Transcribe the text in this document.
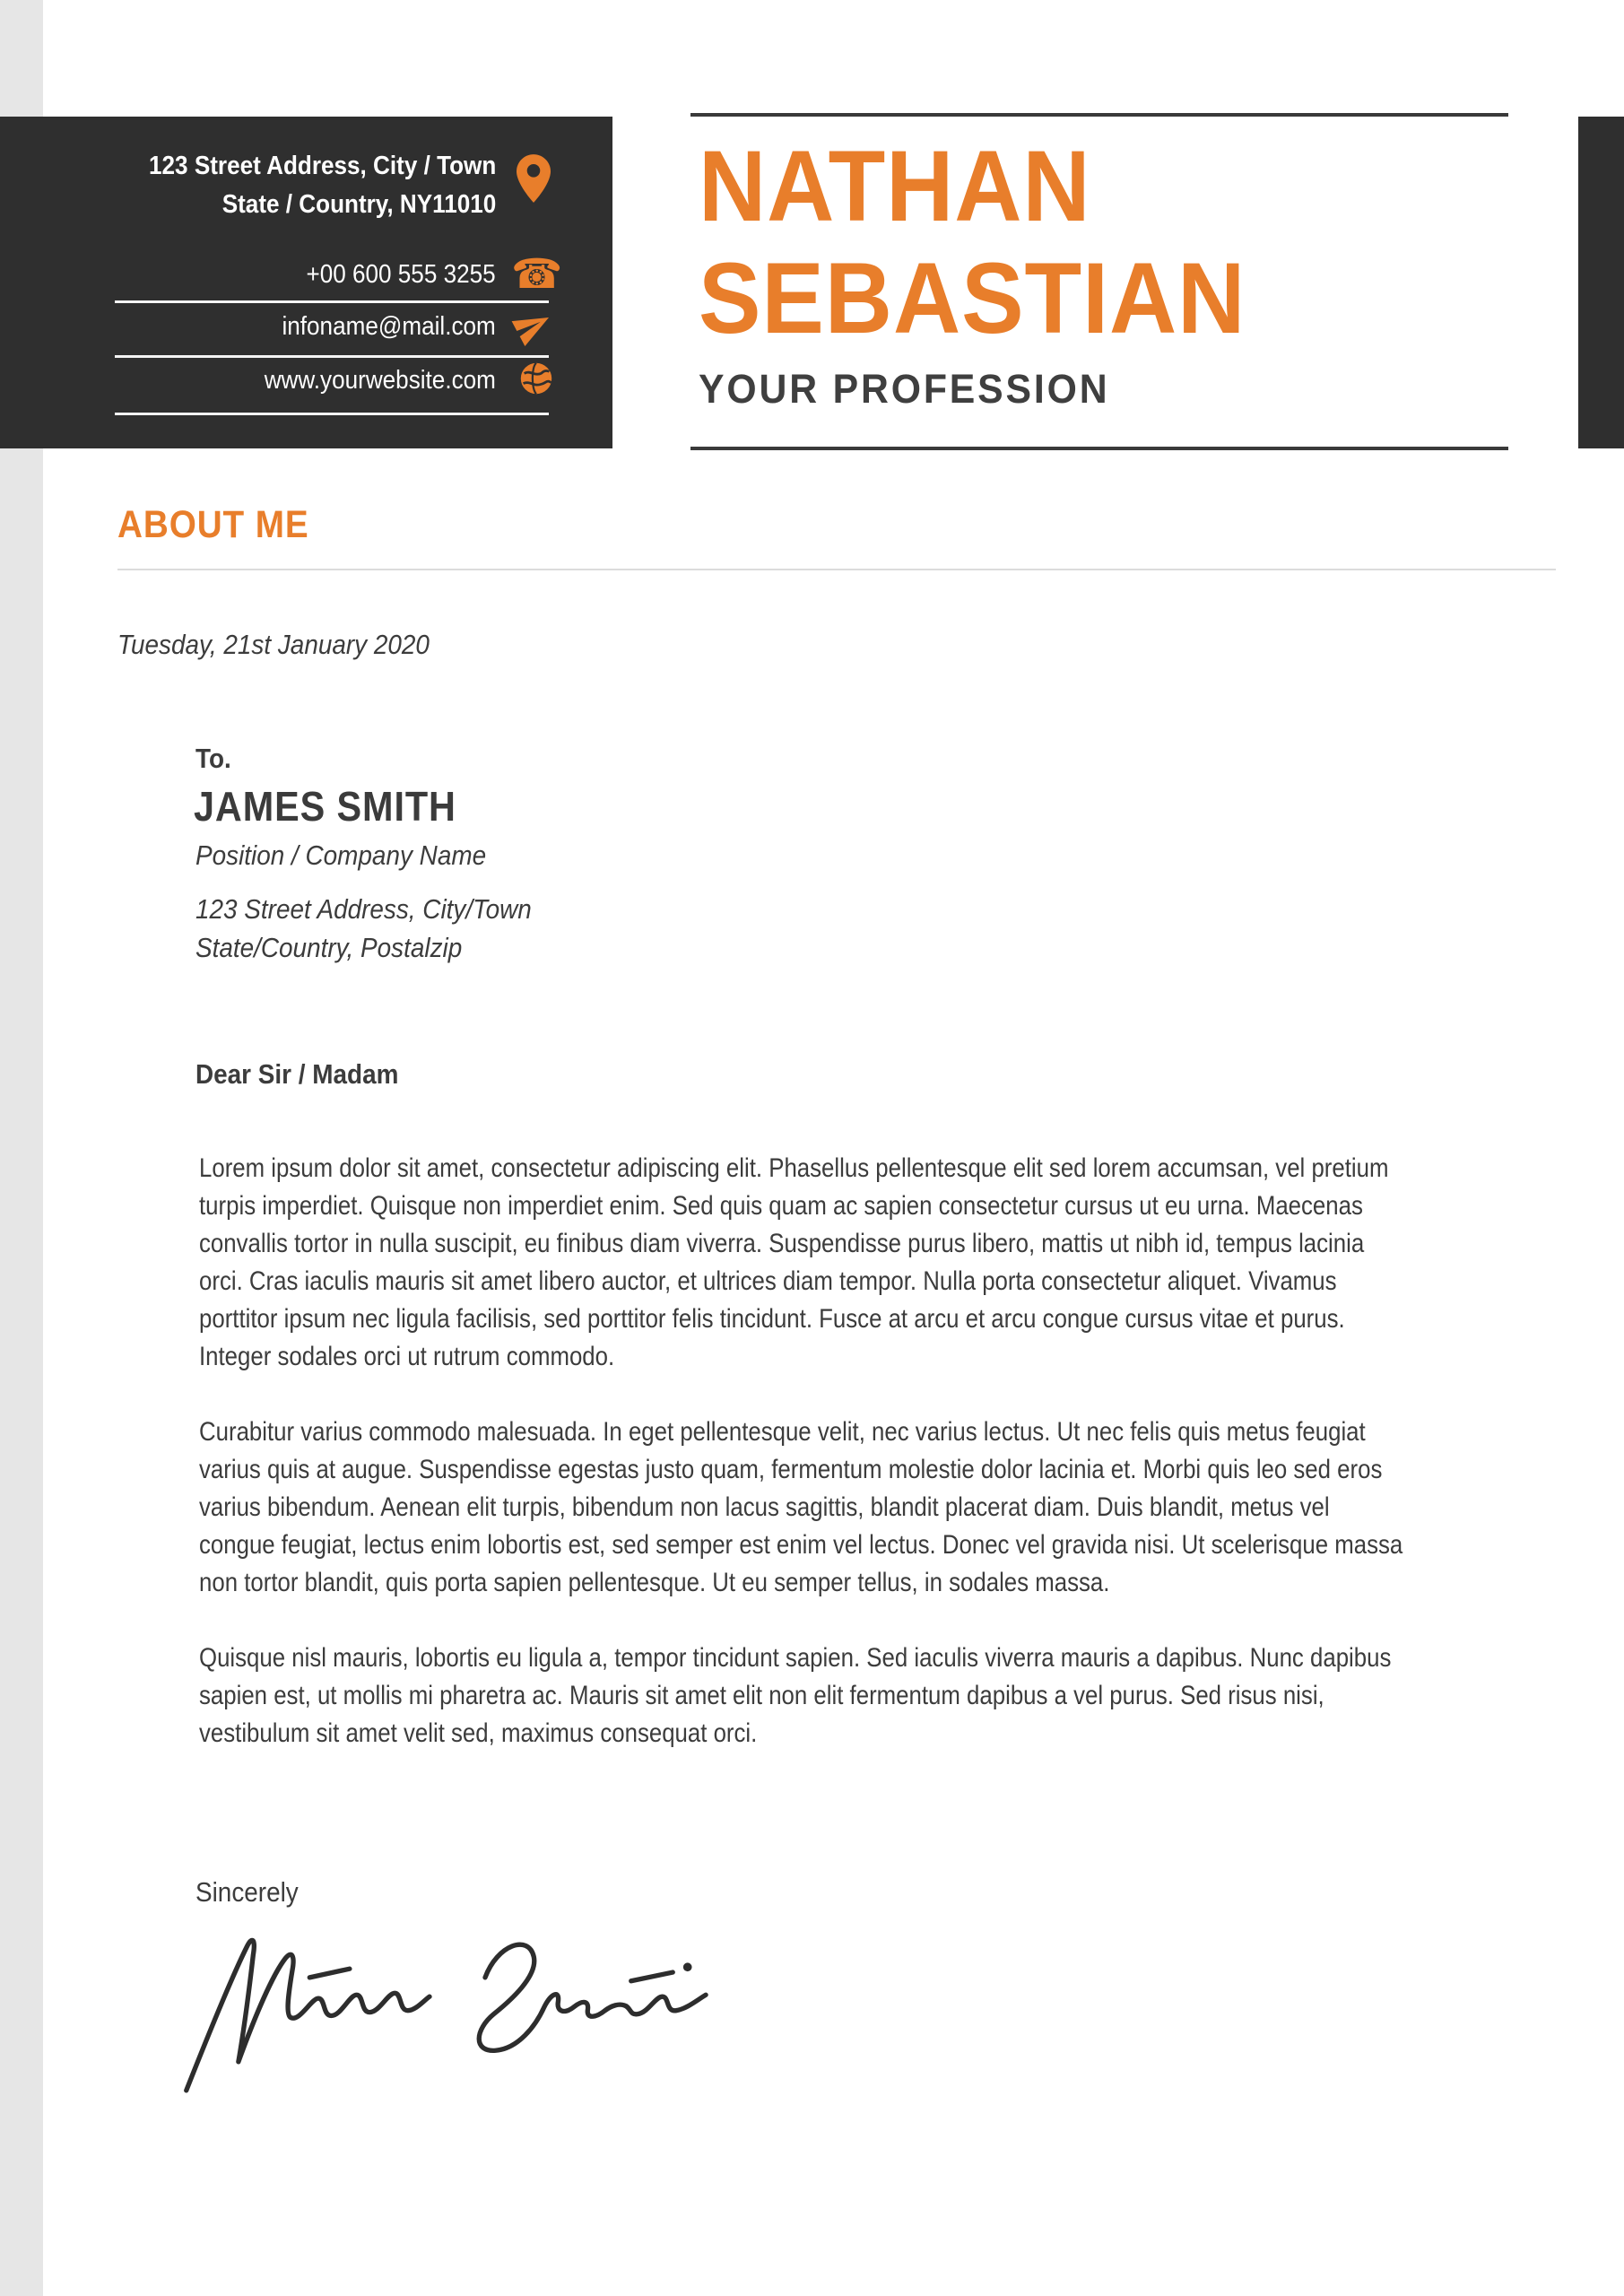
123 Street Address, City / Town
State / Country, NY11010
+00 600 555 3255 ☎
infoname@mail.com
www.yourwebsite.com
NATHAN
SEBASTIAN
YOUR PROFESSION
ABOUT ME
Tuesday, 21st January 2020
To.
JAMES SMITH
Position / Company Name
123 Street Address, City/Town
State/Country, Postalzip
Dear Sir / Madam
Lorem ipsum dolor sit amet, consectetur adipiscing elit. Phasellus pellentesque elit sed lorem accumsan, vel pretium
turpis imperdiet. Quisque non imperdiet enim. Sed quis quam ac sapien consectetur cursus ut eu urna. Maecenas
convallis tortor in nulla suscipit, eu finibus diam viverra. Suspendisse purus libero, mattis ut nibh id, tempus lacinia
orci. Cras iaculis mauris sit amet libero auctor, et ultrices diam tempor. Nulla porta consectetur aliquet. Vivamus
porttitor ipsum nec ligula facilisis, sed porttitor felis tincidunt. Fusce at arcu et arcu congue cursus vitae et purus.
Integer sodales orci ut rutrum commodo.
Curabitur varius commodo malesuada. In eget pellentesque velit, nec varius lectus. Ut nec felis quis metus feugiat
varius quis at augue. Suspendisse egestas justo quam, fermentum molestie dolor lacinia et. Morbi quis leo sed eros
varius bibendum. Aenean elit turpis, bibendum non lacus sagittis, blandit placerat diam. Duis blandit, metus vel
congue feugiat, lectus enim lobortis est, sed semper est enim vel lectus. Donec vel gravida nisi. Ut scelerisque massa
non tortor blandit, quis porta sapien pellentesque. Ut eu semper tellus, in sodales massa.
Quisque nisl mauris, lobortis eu ligula a, tempor tincidunt sapien. Sed iaculis viverra mauris a dapibus. Nunc dapibus
sapien est, ut mollis mi pharetra ac. Mauris sit amet elit non elit fermentum dapibus a vel purus. Sed risus nisi,
vestibulum sit amet velit sed, maximus consequat orci.
Sincerely
